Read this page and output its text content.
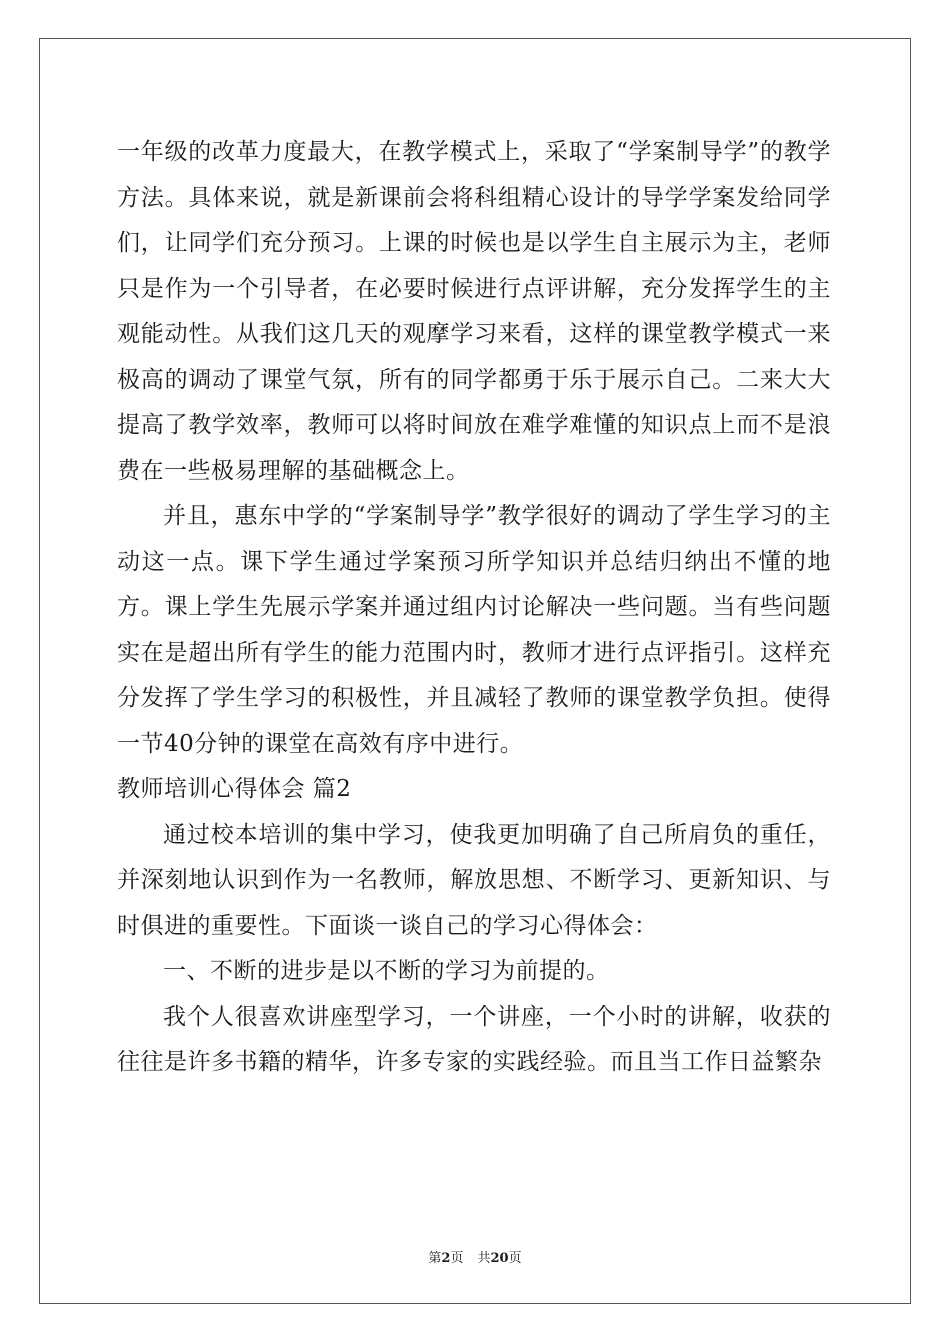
一年级的改革力度最大，在教学模式上，采取了“学案制导学”的教学方法。具体来说，就是新课前会将科组精心设计的导学学案发给同学们，让同学们充分预习。上课的时候也是以学生自主展示为主，老师只是作为一个引导者，在必要时候进行点评讲解，充分发挥学生的主观能动性。从我们这几天的观摩学习来看，这样的课堂教学模式一来极高的调动了课堂气氛，所有的同学都勇于乐于展示自己。二来大大提高了教学效率，教师可以将时间放在难学难懂的知识点上而不是浪费在一些极易理解的基础概念上。

并且，惠东中学的“学案制导学”教学很好的调动了学生学习的主动这一点。课下学生通过学案预习所学知识并总结归纳出不懂的地方。课上学生先展示学案并通过组内讨论解决一些问题。当有些问题实在是超出所有学生的能力范围内时，教师才进行点评指引。这样充分发挥了学生学习的积极性，并且减轻了教师的课堂教学负担。使得一节40分钟的课堂在高效有序中进行。

教师培训心得体会 篇2

通过校本培训的集中学习，使我更加明确了自己所肩负的重任，并深刻地认识到作为一名教师，解放思想、不断学习、更新知识、与时俱进的重要性。下面谈一谈自己的学习心得体会：

一、不断的进步是以不断的学习为前提的。

我个人很喜欢讲座型学习，一个讲座，一个小时的讲解，收获的往往是许多书籍的精华，许多专家的实践经验。而且当工作日益繁杂

第2页 共20页
